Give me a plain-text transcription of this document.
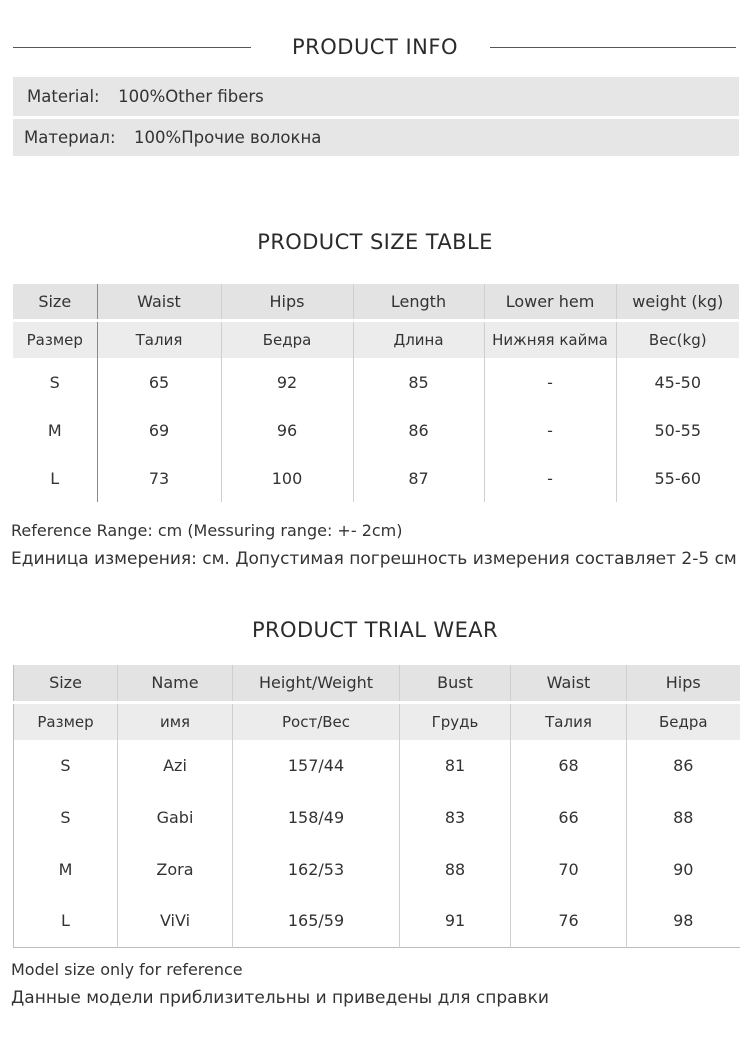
PRODUCT INFO
Material: 100%Other fibers
Материал: 100%Прочие волокна
PRODUCT SIZE TABLE
Size	Waist	Hips	Length	Lower hem	weight (kg)
Размер	Талия	Бедра	Длина	Нижняя кайма	Вес(kg)
S	65	92	85	-	45-50
M	69	96	86	-	50-55
L	73	100	87	-	55-60
Reference Range: cm (Messuring range: +- 2cm)
Единица измерения: см. Допустимая погрешность измерения составляет 2-5 см
PRODUCT TRIAL WEAR
Size	Name	Height/Weight	Bust	Waist	Hips
Размер	имя	Рост/Вес	Грудь	Талия	Бедра
S	Azi	157/44	81	68	86
S	Gabi	158/49	83	66	88
M	Zora	162/53	88	70	90
L	ViVi	165/59	91	76	98
Model size only for reference
Данные модели приблизительны и приведены для справки
